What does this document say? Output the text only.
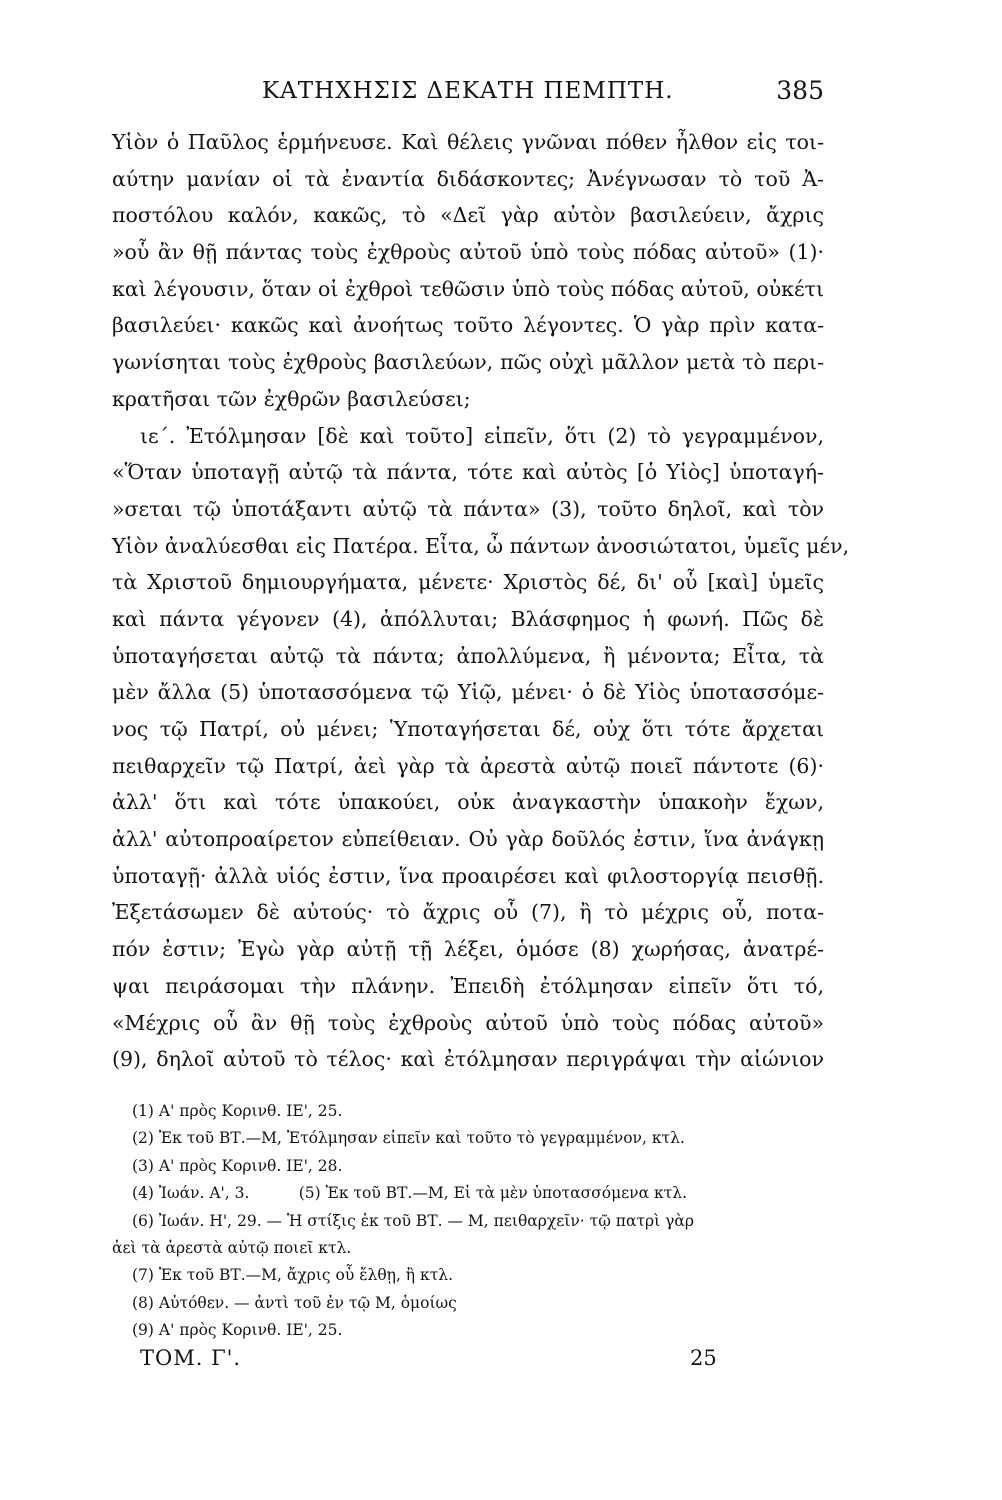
ΚΑΤΗΧΗΣΙΣ ΔΕΚΑΤΗ ΠΕΜΠΤΗ.	385
Υἱὸν ὁ Παῦλος ἑρμήνευσε. Καὶ θέλεις γνῶναι πόθεν ἦλθον εἰς τοι-
αύτην μανίαν οἱ τὰ ἐναντία διδάσκοντες; Ἀνέγνωσαν τὸ τοῦ Ἀ-
ποστόλου καλόν, κακῶς, τὸ «Δεῖ γὰρ αὐτὸν βασιλεύειν, ἄχρις
»οὗ ἂν θῇ πάντας τοὺς ἐχθροὺς αὐτοῦ ὑπὸ τοὺς πόδας αὐτοῦ» (1)·
καὶ λέγουσιν, ὅταν οἱ ἐχθροὶ τεθῶσιν ὑπὸ τοὺς πόδας αὐτοῦ, οὐκέτι
βασιλεύει· κακῶς καὶ ἀνοήτως τοῦτο λέγοντες. Ὁ γὰρ πρὶν κατα-
γωνίσηται τοὺς ἐχθροὺς βασιλεύων, πῶς οὐχὶ μᾶλλον μετὰ τὸ περι-
κρατῆσαι τῶν ἐχθρῶν βασιλεύσει;
ιε΄. Ἐτόλμησαν [δὲ καὶ τοῦτο] εἰπεῖν, ὅτι (2) τὸ γεγραμμένον,
«Ὅταν ὑποταγῇ αὐτῷ τὰ πάντα, τότε καὶ αὐτὸς [ὁ Υἱὸς] ὑποταγή-
»σεται τῷ ὑποτάξαντι αὐτῷ τὰ πάντα» (3), τοῦτο δηλοῖ, καὶ τὸν
Υἱὸν ἀναλύεσθαι εἰς Πατέρα. Εἶτα, ὦ πάντων ἀνοσιώτατοι, ὑμεῖς μέν,
τὰ Χριστοῦ δημιουργήματα, μένετε· Χριστὸς δέ, δι' οὗ [καὶ] ὑμεῖς
καὶ πάντα γέγονεν (4), ἀπόλλυται; Βλάσφημος ἡ φωνή. Πῶς δὲ
ὑποταγήσεται αὐτῷ τὰ πάντα; ἀπολλύμενα, ἢ μένοντα; Εἶτα, τὰ
μὲν ἄλλα (5) ὑποτασσόμενα τῷ Υἱῷ, μένει· ὁ δὲ Υἱὸς ὑποτασσόμε-
νος τῷ Πατρί, οὐ μένει; Ὑποταγήσεται δέ, οὐχ ὅτι τότε ἄρχεται
πειθαρχεῖν τῷ Πατρί, ἀεὶ γὰρ τὰ ἀρεστὰ αὐτῷ ποιεῖ πάντοτε (6)·
ἀλλ' ὅτι καὶ τότε ὑπακούει, οὐκ ἀναγκαστὴν ὑπακοὴν ἔχων,
ἀλλ' αὐτοπροαίρετον εὐπείθειαν. Οὐ γὰρ δοῦλός ἐστιν, ἵνα ἀνάγκῃ
ὑποταγῇ· ἀλλὰ υἱός ἐστιν, ἵνα προαιρέσει καὶ φιλοστοργίᾳ πεισθῇ.
Ἐξετάσωμεν δὲ αὐτούς· τὸ ἄχρις οὗ (7), ἢ τὸ μέχρις οὗ, ποτα-
πόν ἐστιν; Ἐγὼ γὰρ αὐτῇ τῇ λέξει, ὁμόσε (8) χωρήσας, ἀνατρέ-
ψαι πειράσομαι τὴν πλάνην. Ἐπειδὴ ἐτόλμησαν εἰπεῖν ὅτι τό,
«Μέχρις οὗ ἂν θῇ τοὺς ἐχθροὺς αὐτοῦ ὑπὸ τοὺς πόδας αὐτοῦ»
(9), δηλοῖ αὐτοῦ τὸ τέλος· καὶ ἐτόλμησαν περιγράψαι τὴν αἰώνιον
(1) Α' πρὸς Κορινθ. ΙΕ', 25.
(2) Ἐκ τοῦ ΒΤ.—Μ, Ἐτόλμησαν εἰπεῖν καὶ τοῦτο τὸ γεγραμμένον, κτλ.
(3) Α' πρὸς Κορινθ. ΙΕ', 28.
(4) Ἰωάν. Α', 3.          (5) Ἐκ τοῦ ΒΤ.—Μ, Εἰ τὰ μὲν ὑποτασσόμενα κτλ.
(6) Ἰωάν. Η', 29. — Ἡ στίξις ἐκ τοῦ ΒΤ. — Μ, πειθαρχεῖν· τῷ πατρὶ γὰρ
ἀεὶ τὰ ἀρεστὰ αὐτῷ ποιεῖ κτλ.
(7) Ἐκ τοῦ ΒΤ.—Μ, ἄχρις οὗ ἔλθῃ, ἢ κτλ.
(8) Αὐτόθεν. — ἀντὶ τοῦ ἐν τῷ Μ, ὁμοίως
(9) Α' πρὸς Κορινθ. ΙΕ', 25.
ΤΟΜ. Γ'.	25
